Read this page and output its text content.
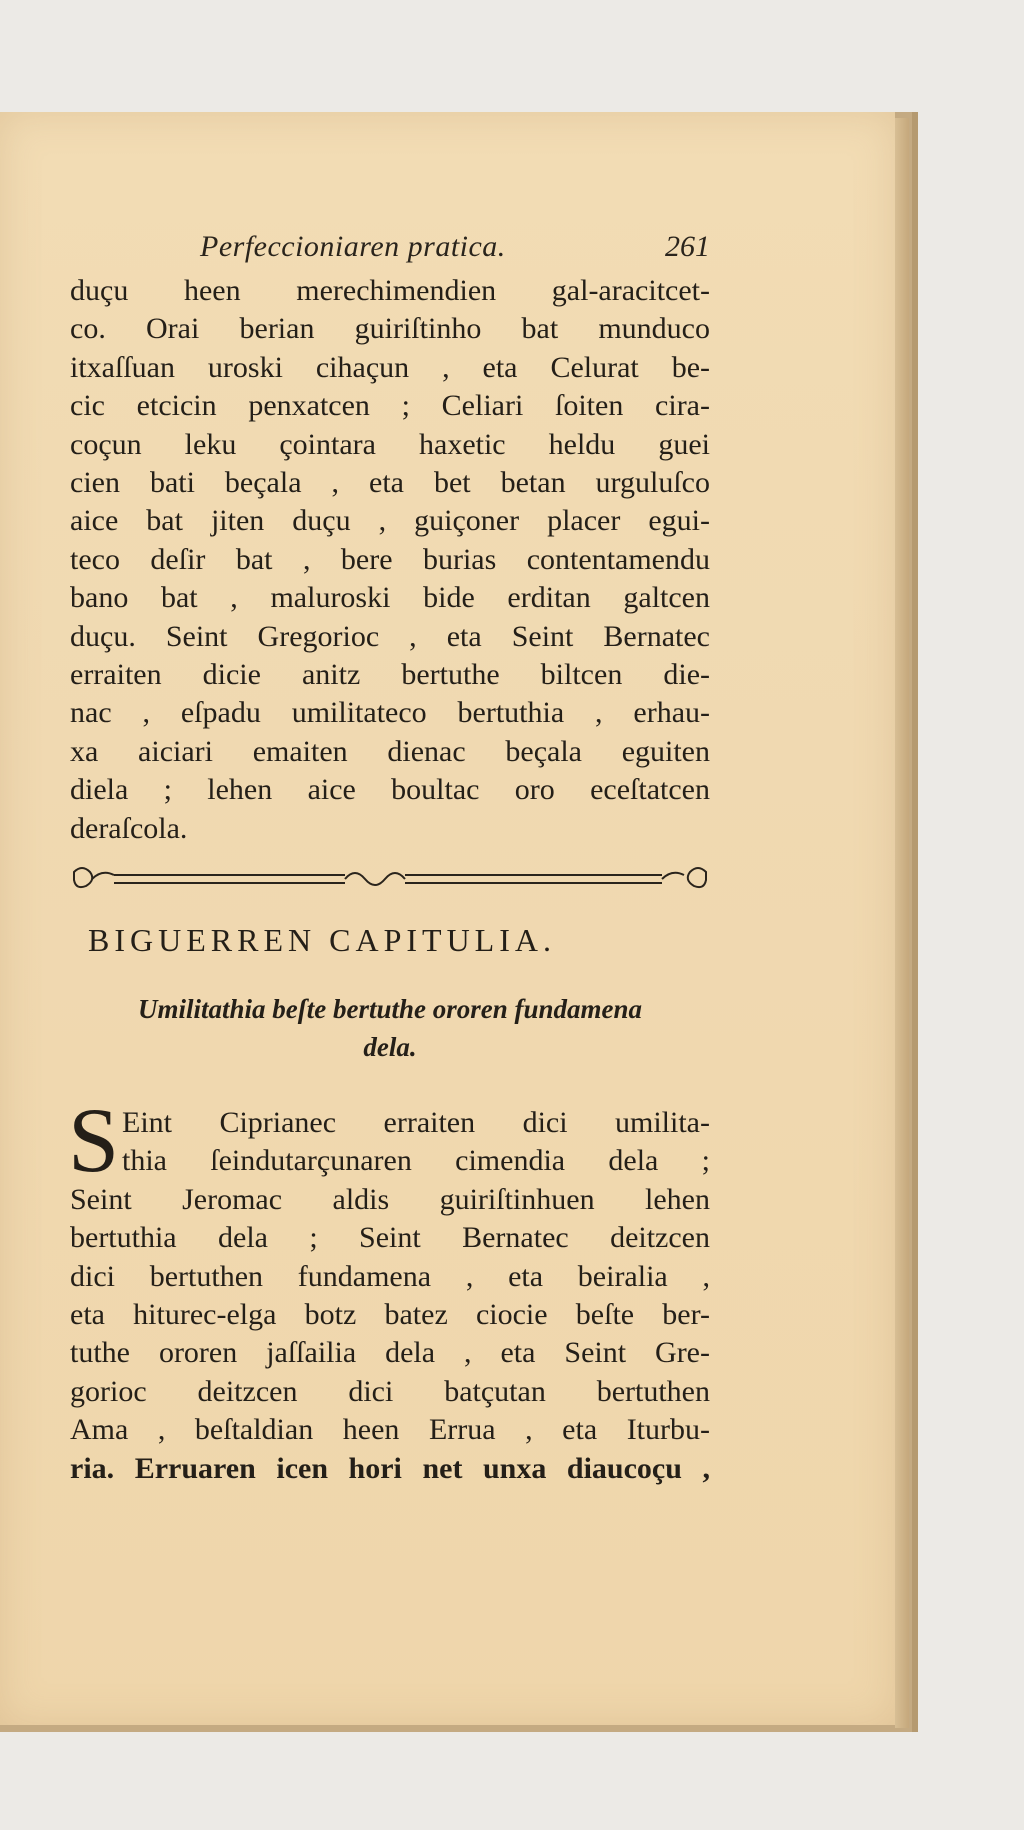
Perfeccioniaren pratica.	261
duçu heen merechimendien gal-aracitcet-
co. Orai berian guiriſtinho bat munduco
itxaſſuan uroski cihaçun , eta Celurat be-
cic etcicin penxatcen ; Celiari ſoiten cira-
coçun leku çointara haxetic heldu guei
cien bati beçala , eta bet betan urguluſco
aice bat jiten duçu , guiçoner placer egui-
teco deſir bat , bere burias contentamendu
bano bat , maluroski bide erditan galtcen
duçu. Seint Gregorioc , eta Seint Bernatec
erraiten dicie anitz bertuthe biltcen die-
nac , eſpadu umilitateco bertuthia , erhau-
xa aiciari emaiten dienac beçala eguiten
diela ; lehen aice boultac oro eceſtatcen
deraſcola.
BIGUERREN CAPITULIA.
Umilitathia beſte bertuthe ororen fundamena
dela.
S Eint Ciprianec erraiten dici umilita-
thia ſeindutarçunaren cimendia dela ;
Seint Jeromac aldis guiriſtinhuen lehen
bertuthia dela ; Seint Bernatec deitzcen
dici bertuthen fundamena , eta beiralia ,
eta hiturec-elga botz batez ciocie beſte ber-
tuthe ororen jaſſailia dela , eta Seint Gre-
gorioc deitzcen dici batçutan bertuthen
Ama , beſtaldian heen Errua , eta Iturbu-
ria. Erruaren icen hori net unxa diaucoçu ,
